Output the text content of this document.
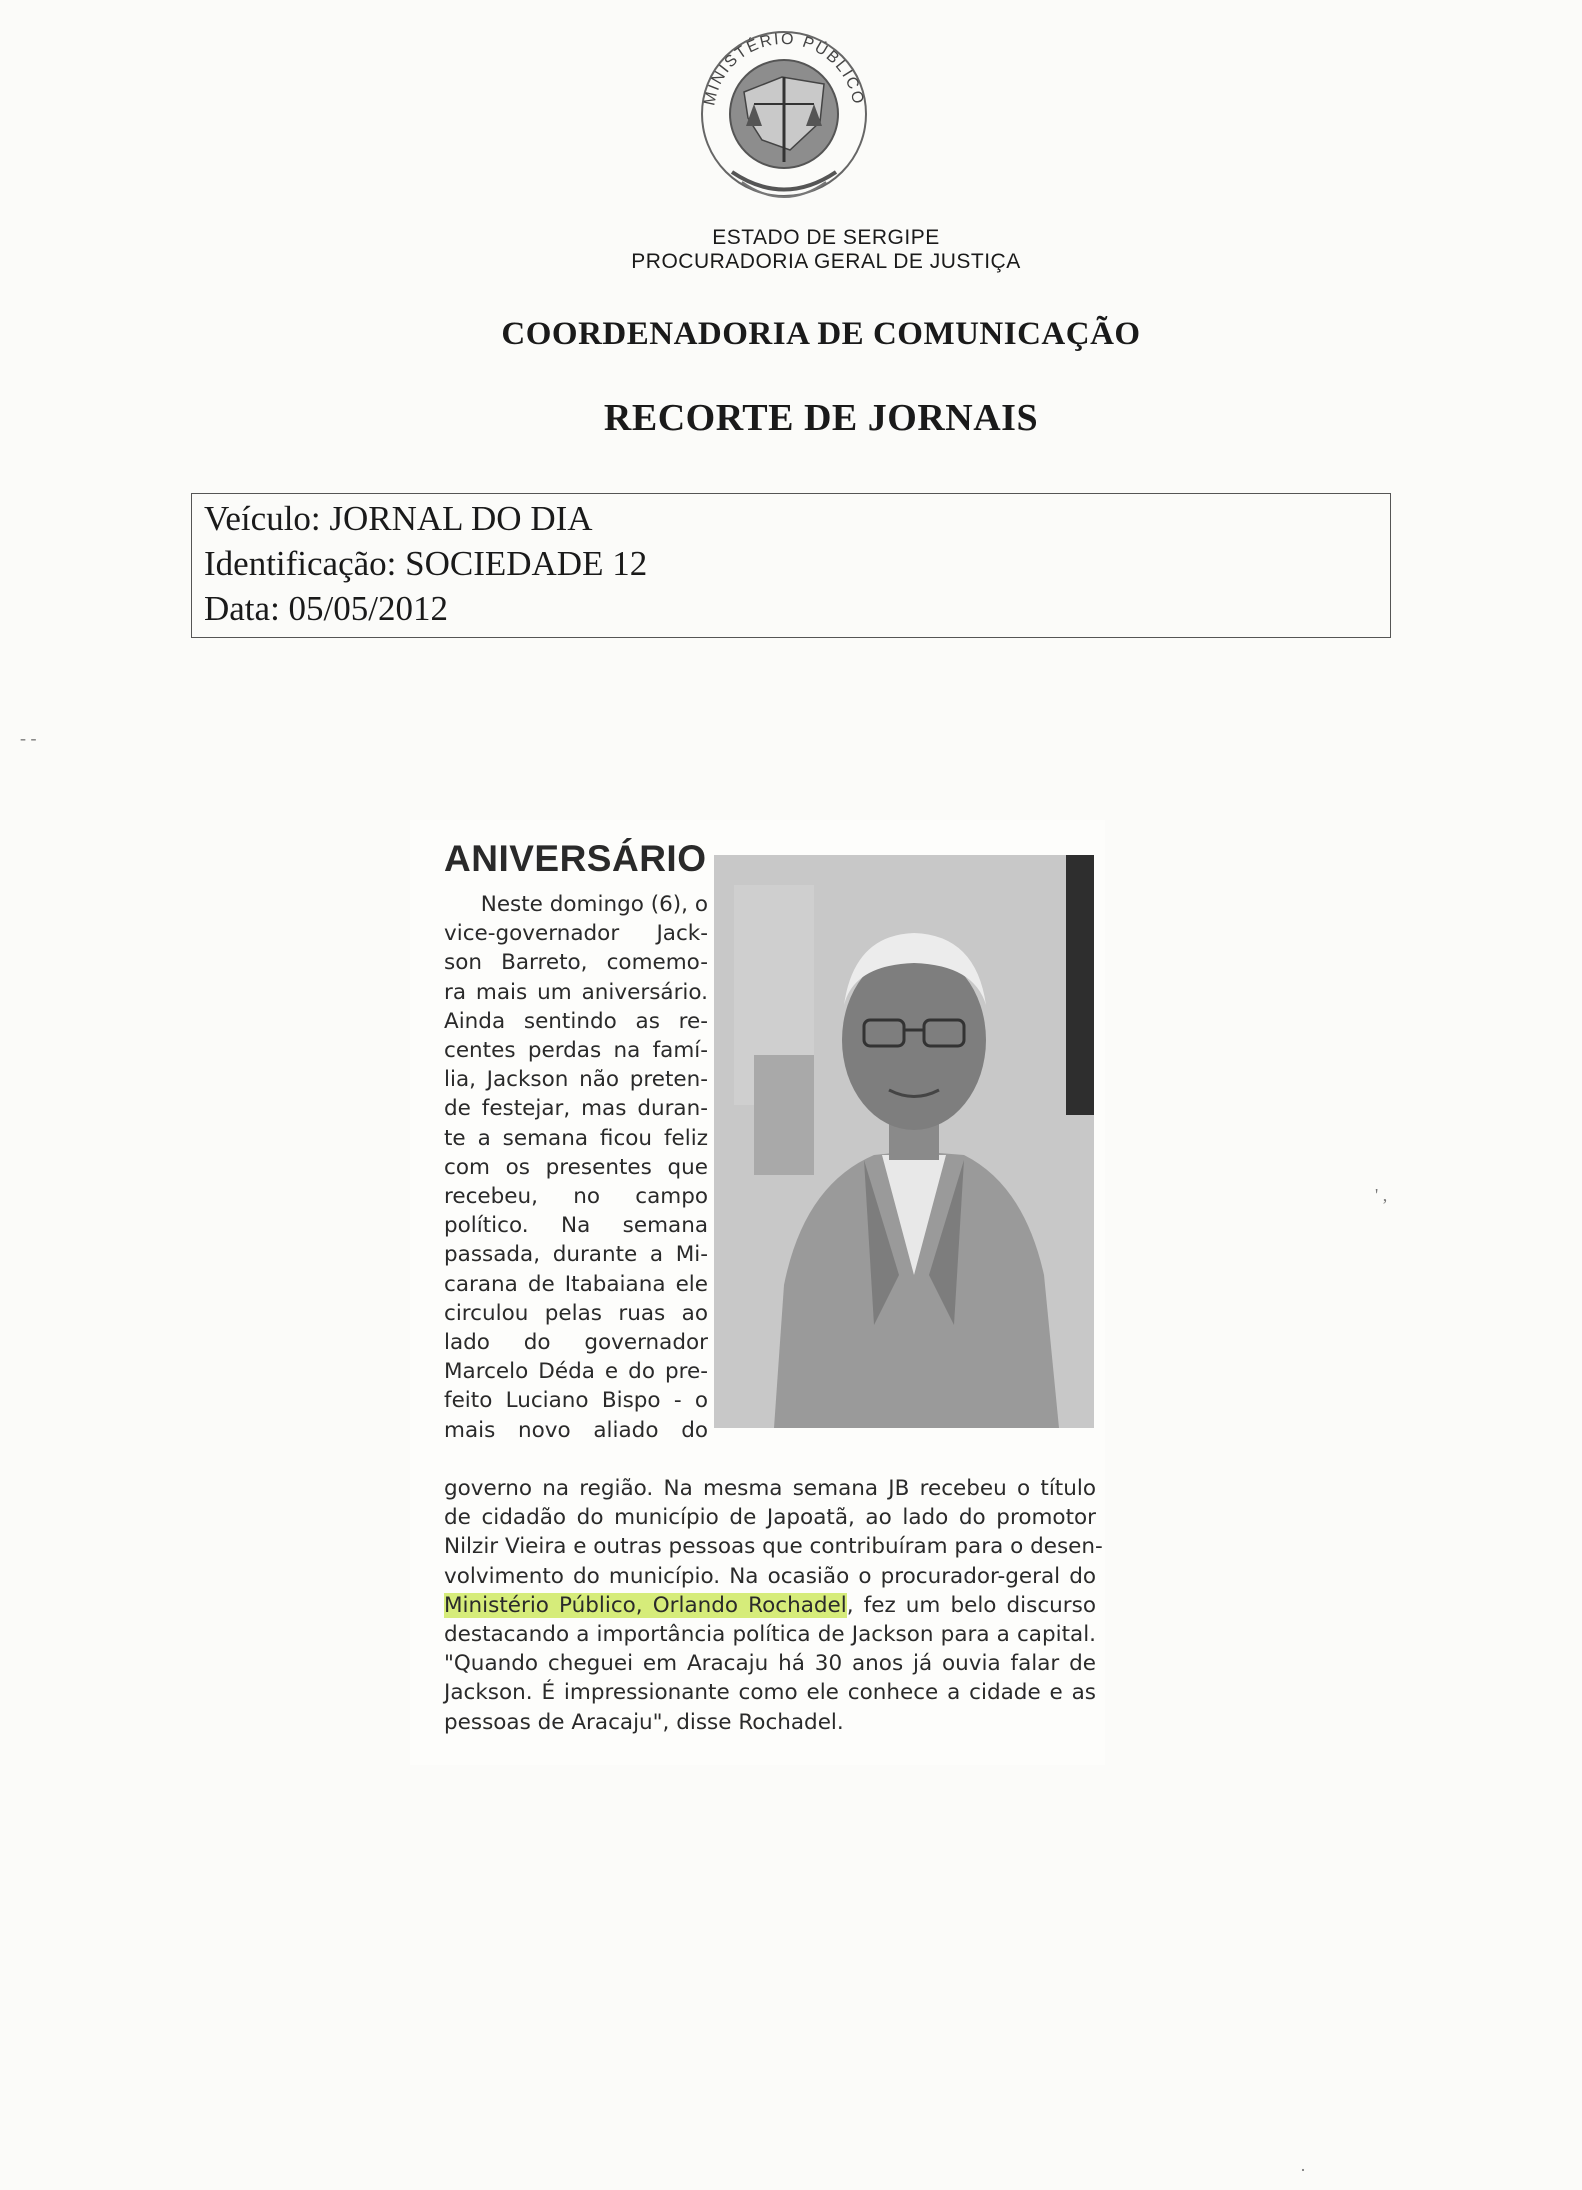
MINISTÉRIO PÚBLICO
ESTADO DE SERGIPE
PROCURADORIA GERAL DE JUSTIÇA
COORDENADORIA DE COMUNICAÇÃO
RECORTE DE JORNAIS
Veículo: JORNAL DO DIA
Identificação: SOCIEDADE 12
Data: 05/05/2012
ANIVERSÁRIO
Neste domingo (6), o
vice-governador Jack-
son Barreto, comemo-
ra mais um aniversário.
Ainda sentindo as re-
centes perdas na famí-
lia, Jackson não preten-
de festejar, mas duran-
te a semana ficou feliz
com os presentes que
recebeu, no campo
político. Na semana
passada, durante a Mi-
carana de Itabaiana ele
circulou pelas ruas ao
lado do governador
Marcelo Déda e do pre-
feito Luciano Bispo - o
mais novo aliado do
governo na região. Na mesma semana JB recebeu o título
de cidadão do município de Japoatã, ao lado do promotor
Nilzir Vieira e outras pessoas que contribuíram para o desen-
volvimento do município. Na ocasião o procurador-geral do
Ministério Público, Orlando Rochadel, fez um belo discurso
destacando a importância política de Jackson para a capital.
"Quando cheguei em Aracaju há 30 anos já ouvia falar de
Jackson. É impressionante como ele conhece a cidade e as
pessoas de Aracaju", disse Rochadel.
- -
' ,
·
